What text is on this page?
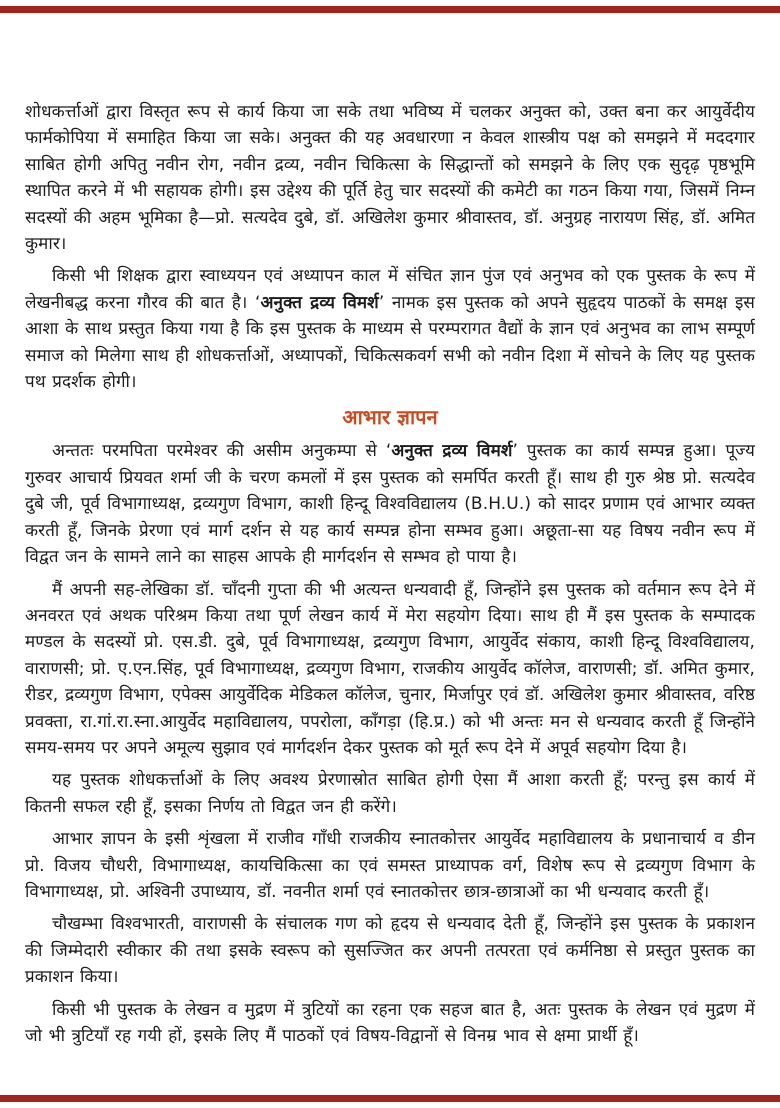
शोधकर्त्ताओं द्वारा विस्तृत रूप से कार्य किया जा सके तथा भविष्य में चलकर अनुक्त को, उक्त बना कर आयुर्वेदीय फार्मकोपिया में समाहित किया जा सके। अनुक्त की यह अवधारणा न केवल शास्त्रीय पक्ष को समझने में मददगार साबित होगी अपितु नवीन रोग, नवीन द्रव्य, नवीन चिकित्सा के सिद्धान्तों को समझने के लिए एक सुदृढ़ पृष्ठभूमि स्थापित करने में भी सहायक होगी। इस उद्देश्य की पूर्ति हेतु चार सदस्यों की कमेटी का गठन किया गया, जिसमें निम्न सदस्यों की अहम भूमिका है—प्रो. सत्यदेव दुबे, डॉ. अखिलेश कुमार श्रीवास्तव, डॉ. अनुग्रह नारायण सिंह, डॉ. अमित कुमार।

किसी भी शिक्षक द्वारा स्वाध्ययन एवं अध्यापन काल में संचित ज्ञान पुंज एवं अनुभव को एक पुस्तक के रूप में लेखनीबद्ध करना गौरव की बात है। ‘अनुक्त द्रव्य विमर्श’ नामक इस पुस्तक को अपने सुहृदय पाठकों के समक्ष इस आशा के साथ प्रस्तुत किया गया है कि इस पुस्तक के माध्यम से परम्परागत वैद्यों के ज्ञान एवं अनुभव का लाभ सम्पूर्ण समाज को मिलेगा साथ ही शोधकर्त्ताओं, अध्यापकों, चिकित्सकवर्ग सभी को नवीन दिशा में सोचने के लिए यह पुस्तक पथ प्रदर्शक होगी।

आभार ज्ञापन

अन्ततः परमपिता परमेश्वर की असीम अनुकम्पा से ‘अनुक्त द्रव्य विमर्श’ पुस्तक का कार्य सम्पन्न हुआ। पूज्य गुरुवर आचार्य प्रियवत शर्मा जी के चरण कमलों में इस पुस्तक को समर्पित करती हूँ। साथ ही गुरु श्रेष्ठ प्रो. सत्यदेव दुबे जी, पूर्व विभागाध्यक्ष, द्रव्यगुण विभाग, काशी हिन्दू विश्वविद्यालय (B.H.U.) को सादर प्रणाम एवं आभार व्यक्त करती हूँ, जिनके प्रेरणा एवं मार्ग दर्शन से यह कार्य सम्पन्न होना सम्भव हुआ। अछूता-सा यह विषय नवीन रूप में विद्वत जन के सामने लाने का साहस आपके ही मार्गदर्शन से सम्भव हो पाया है।

मैं अपनी सह-लेखिका डॉ. चाँदनी गुप्ता की भी अत्यन्त धन्यवादी हूँ, जिन्होंने इस पुस्तक को वर्तमान रूप देने में अनवरत एवं अथक परिश्रम किया तथा पूर्ण लेखन कार्य में मेरा सहयोग दिया। साथ ही मैं इस पुस्तक के सम्पादक मण्डल के सदस्यों प्रो. एस.डी. दुबे, पूर्व विभागाध्यक्ष, द्रव्यगुण विभाग, आयुर्वेद संकाय, काशी हिन्दू विश्वविद्यालय, वाराणसी; प्रो. ए.एन.सिंह, पूर्व विभागाध्यक्ष, द्रव्यगुण विभाग, राजकीय आयुर्वेद कॉलेज, वाराणसी; डॉ. अमित कुमार, रीडर, द्रव्यगुण विभाग, एपेक्स आयुर्वेदिक मेडिकल कॉलेज, चुनार, मिर्जापुर एवं डॉ. अखिलेश कुमार श्रीवास्तव, वरिष्ठ प्रवक्ता, रा.गां.रा.स्ना.आयुर्वेद महाविद्यालय, पपरोला, काँगड़ा (हि.प्र.) को भी अन्तः मन से धन्यवाद करती हूँ जिन्होंने समय-समय पर अपने अमूल्य सुझाव एवं मार्गदर्शन देकर पुस्तक को मूर्त रूप देने में अपूर्व सहयोग दिया है।

यह पुस्तक शोधकर्त्ताओं के लिए अवश्य प्रेरणास्रोत साबित होगी ऐसा मैं आशा करती हूँ; परन्तु इस कार्य में कितनी सफल रही हूँ, इसका निर्णय तो विद्वत जन ही करेंगे।

आभार ज्ञापन के इसी शृंखला में राजीव गाँधी राजकीय स्नातकोत्तर आयुर्वेद महाविद्यालय के प्रधानाचार्य व डीन प्रो. विजय चौधरी, विभागाध्यक्ष, कायचिकित्सा का एवं समस्त प्राध्यापक वर्ग, विशेष रूप से द्रव्यगुण विभाग के विभागाध्यक्ष, प्रो. अश्विनी उपाध्याय, डॉ. नवनीत शर्मा एवं स्नातकोत्तर छात्र-छात्राओं का भी धन्यवाद करती हूँ।

चौखम्भा विश्वभारती, वाराणसी के संचालक गण को हृदय से धन्यवाद देती हूँ, जिन्होंने इस पुस्तक के प्रकाशन की जिम्मेदारी स्वीकार की तथा इसके स्वरूप को सुसज्जित कर अपनी तत्परता एवं कर्मनिष्ठा से प्रस्तुत पुस्तक का प्रकाशन किया।

किसी भी पुस्तक के लेखन व मुद्रण में त्रुटियों का रहना एक सहज बात है, अतः पुस्तक के लेखन एवं मुद्रण में जो भी त्रुटियाँ रह गयी हों, इसके लिए मैं पाठकों एवं विषय-विद्वानों से विनम्र भाव से क्षमा प्रार्थी हूँ।
